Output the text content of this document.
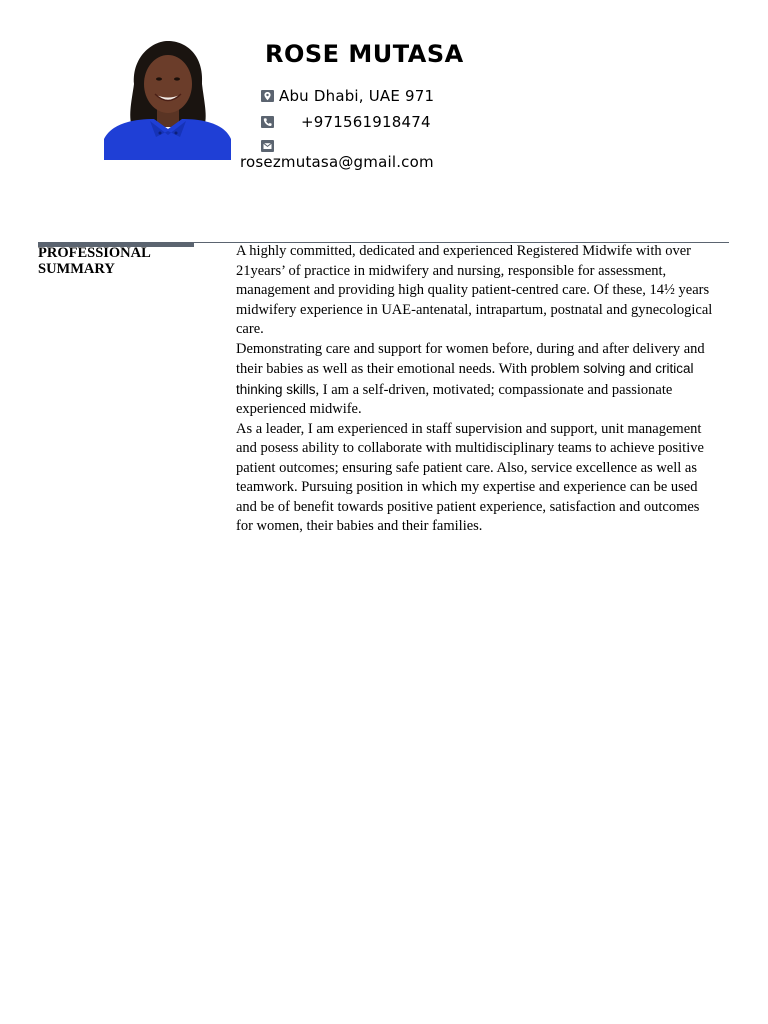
ROSE MUTASA
Abu Dhabi, UAE 971
+971561918474
rosezmutasa@gmail.com
PROFESSIONAL SUMMARY

A highly committed, dedicated and experienced Registered Midwife with over 21years’ of practice in midwifery and nursing, responsible for assessment, management and providing high quality patient-centred care. Of these, 14½ years midwifery experience in UAE-antenatal, intrapartum, postnatal and gynecological care.

Demonstrating care and support for women before, during and after delivery and their babies as well as their emotional needs. With problem solving and critical thinking skills, I am a self-driven, motivated; compassionate and passionate experienced midwife.

As a leader, I am experienced in staff supervision and support, unit management and posess ability to collaborate with multidisciplinary teams to achieve positive patient outcomes; ensuring safe patient care. Also, service excellence as well as teamwork. Pursuing position in which my expertise and experience can be used and be of benefit towards positive patient experience, satisfaction and outcomes for women, their babies and their families.
